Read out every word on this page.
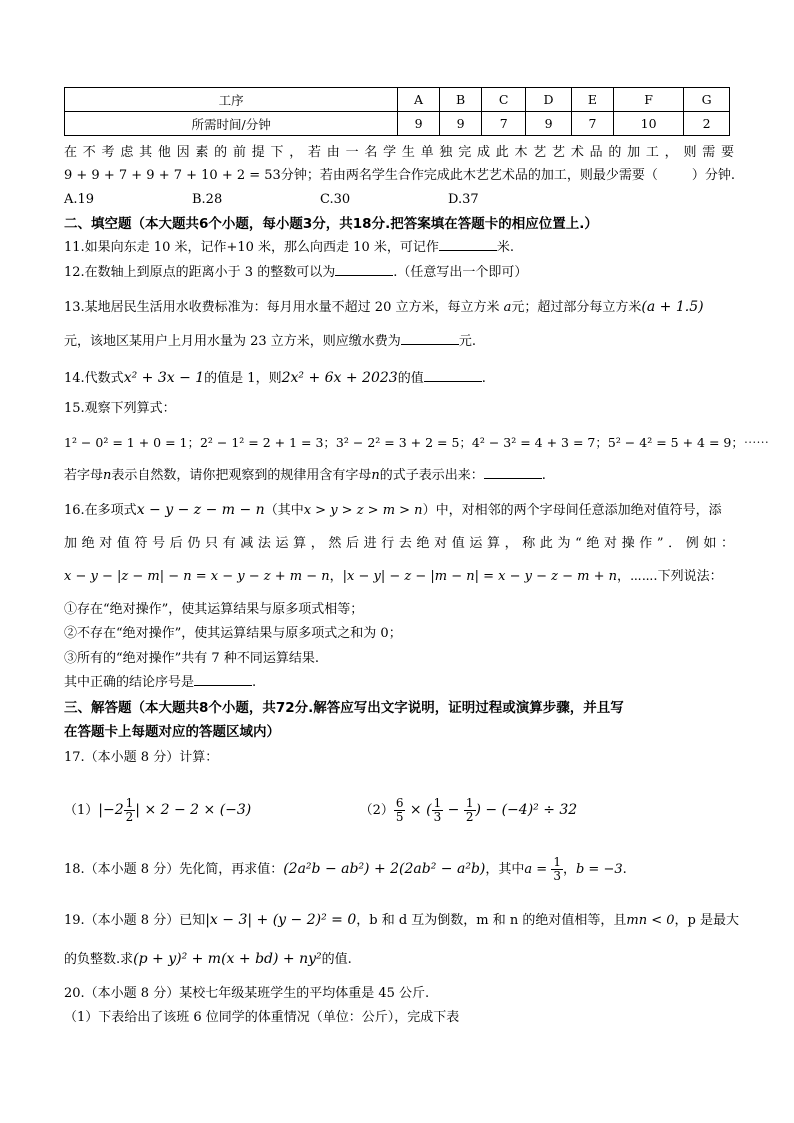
工序	A	B	C	D	E	F	G
所需时间/分钟	9	9	7	9	7	10	2
在不考虑其他因素的前提下，若由一名学生单独完成此木艺艺术品的加工，则需要
9 + 9 + 7 + 9 + 7 + 10 + 2 = 53分钟；若由两名学生合作完成此木艺艺术品的加工，则最少需要（	）分钟.
A.19	B.28	C.30	D.37
二、填空题（本大题共6个小题，每小题3分，共18分.把答案填在答题卡的相应位置上.）
11.如果向东走 10 米，记作+10 米，那么向西走 10 米，可记作	米.
12.在数轴上到原点的距离小于 3 的整数可以为	.（任意写出一个即可）
13.某地居民生活用水收费标准为：每月用水量不超过 20 立方米，每立方米 a元；超过部分每立方米(a + 1.5)
元，该地区某用户上月用水量为 23 立方米，则应缴水费为	元.
14.代数式x² + 3x − 1的值是 1，则2x² + 6x + 2023的值	.
15.观察下列算式：
1² − 0² = 1 + 0 = 1；2² − 1² = 2 + 1 = 3；3² − 2² = 3 + 2 = 5；4² − 3² = 4 + 3 = 7；5² − 4² = 5 + 4 = 9；⋯⋯
若字母n表示自然数，请你把观察到的规律用含有字母n的式子表示出来：	.
16.在多项式x − y − z − m − n（其中x > y > z > m > n）中，对相邻的两个字母间任意添加绝对值符号，添
加绝对值符号后仍只有减法运算，然后进行去绝对值运算，称此为“绝对操作”．例如：
x − y − |z − m| − n = x − y − z + m − n，|x − y| − z − |m − n| = x − y − z − m + n，⋯⋯.下列说法：
①存在“绝对操作”，使其运算结果与原多项式相等；
②不存在“绝对操作”，使其运算结果与原多项式之和为 0；
③所有的“绝对操作”共有 7 种不同运算结果.
其中正确的结论序号是	.
三、解答题（本大题共8个小题，共72分.解答应写出文字说明，证明过程或演算步骤，并且写
在答题卡上每题对应的答题区域内）
17.（本小题 8 分）计算：
$(1)|-2 \frac{1}{2}$ | × 2 − 2 × (−3)	$(2) \frac{6}{5}$ × ( $\frac{1}{3} - \frac{1}{2}$ ) − (−4)² ÷ 32
18.（本小题 8 分）先化简，再求值：(2a²b − ab²) + 2(2ab² − a²b)，其中$a = \frac{1}{3}$ ，b = −3.
19.（本小题 8 分）已知|x − 3| + (y − 2)² = 0，b 和 d 互为倒数，m 和 n 的绝对值相等，且mn < 0，p 是最大
的负整数.求(p + y)² + m(x + bd) + ny²的值.
20.（本小题 8 分）某校七年级某班学生的平均体重是 45 公斤.
（1）下表给出了该班 6 位同学的体重情况（单位：公斤），完成下表
